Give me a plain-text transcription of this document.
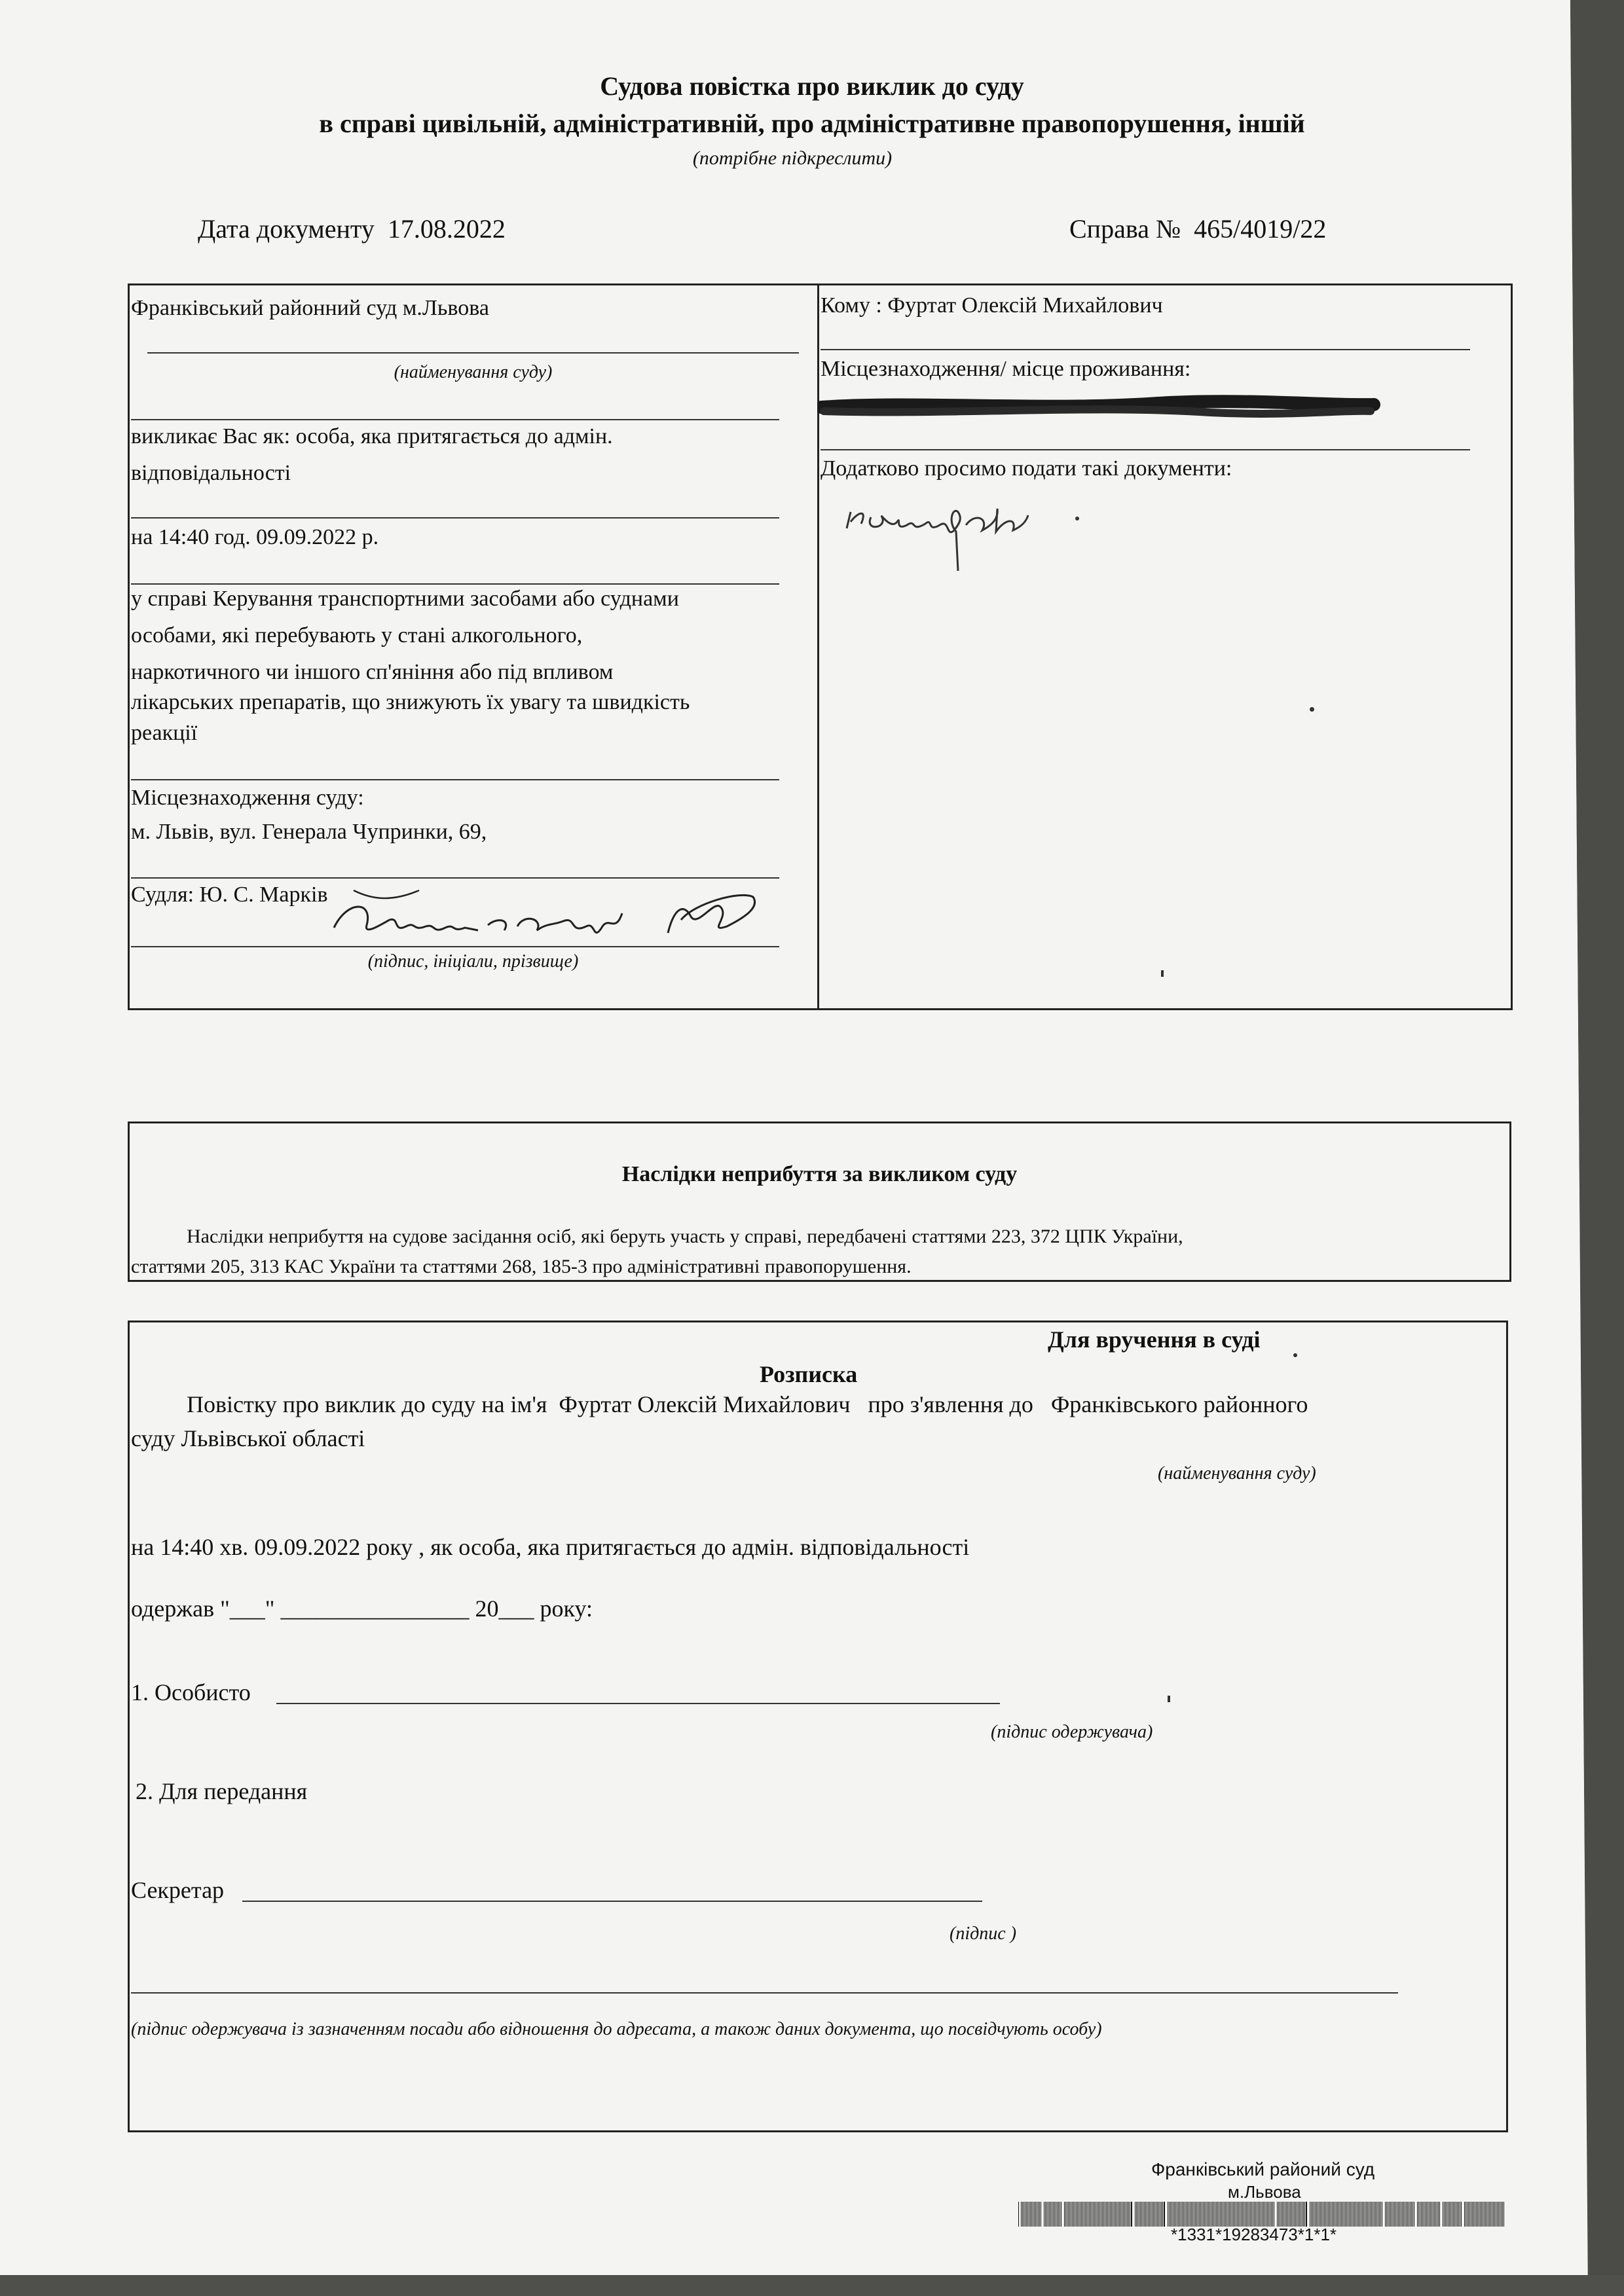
Судова повістка про виклик до суду
в справі цивільній, адміністративній, про адміністративне правопорушення, іншій
(потрібне підкреслити)
Дата документу 17.08.2022	Справа № 465/4019/22
Франківський районний суд м.Львова
(найменування суду)
викликає Вас як: особа, яка притягається до адмін.
відповідальності
на 14:40 год. 09.09.2022 р.
у справі Керування транспортними засобами або суднами
особами, які перебувають у стані алкогольного,
наркотичного чи іншого сп'яніння або під впливом
лікарських препаратів, що знижують їх увагу та швидкість
реакції
Місцезнаходження суду:
м. Львів, вул. Генерала Чупринки, 69,
Судля: Ю. С. Марків
(підпис, ініціали, прізвище)
Кому : Фуртат Олексій Михайлович
Місцезнаходження/ місце проживання:
Додатково просимо подати такі документи:
Наслідки неприбуття за викликом суду
Наслідки неприбуття на судове засідання осіб, які беруть участь у справі, передбачені статтями 223, 372 ЦПК України,
статтями 205, 313 КАС України та статтями 268, 185-3 про адміністративні правопорушення.
Для вручення в суді
Розписка
Повістку про виклик до суду на ім'я Фуртат Олексій Михайлович про з'явлення до Франківського районного
суду Львівської області
(найменування суду)
на 14:40 хв. 09.09.2022 року , як особа, яка притягається до адмін. відповідальності
одержав "___" ________________ 20___ року:
1. Особисто
(підпис одержувача)
2. Для передання
Секретар
(підпис )
(підпис одержувача із зазначенням посади або відношення до адресата, а також даних документа, що посвідчують особу)
Франківський районий суд
м.Львова
*1331*19283473*1*1*
